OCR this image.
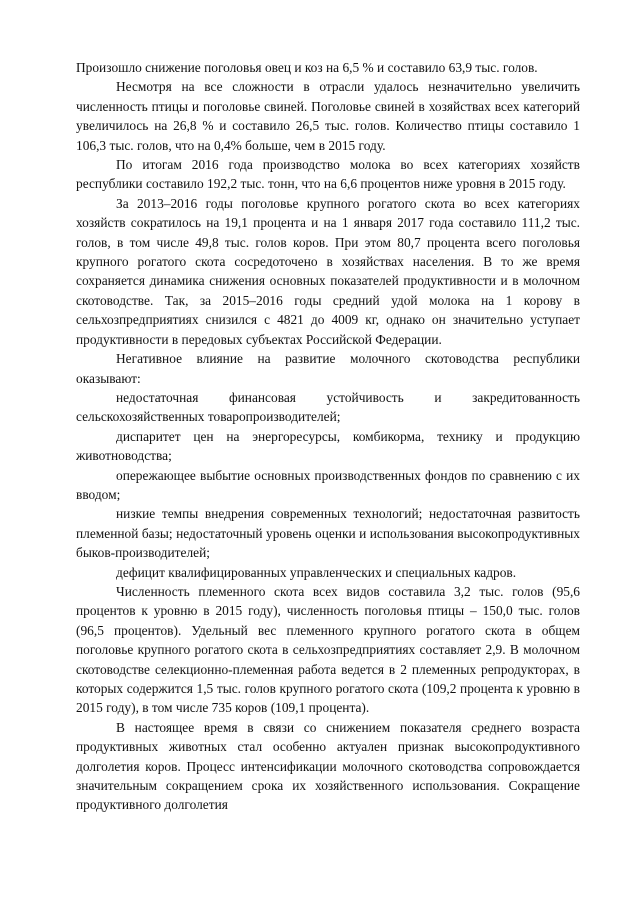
Произошло снижение поголовья овец и коз на 6,5 % и составило 63,9 тыс. голов.

Несмотря на все сложности в отрасли удалось незначительно увеличить численность птицы и поголовье свиней. Поголовье свиней в хозяйствах всех категорий увеличилось на 26,8 % и составило 26,5 тыс. голов. Количество птицы составило 1 106,3 тыс. голов, что на 0,4% больше, чем в 2015 году.

По итогам 2016 года производство молока во всех категориях хозяйств республики составило 192,2 тыс. тонн, что на 6,6 процентов ниже уровня в 2015 году.

За 2013–2016 годы поголовье крупного рогатого скота во всех категориях хозяйств сократилось на 19,1 процента и на 1 января 2017 года составило 111,2 тыс. голов, в том числе 49,8 тыс. голов коров. При этом 80,7 процента всего поголовья крупного рогатого скота сосредоточено в хозяйствах населения. В то же время сохраняется динамика снижения основных показателей продуктивности и в молочном скотоводстве. Так, за 2015–2016 годы средний удой молока на 1 корову в сельхозпредприятиях снизился с 4821 до 4009 кг, однако он значительно уступает продуктивности в передовых субъектах Российской Федерации.

Негативное влияние на развитие молочного скотоводства республики оказывают:

недостаточная финансовая устойчивость и закредитованность сельскохозяйственных товаропроизводителей;

диспаритет цен на энергоресурсы, комбикорма, технику и продукцию животноводства;

опережающее выбытие основных производственных фондов по сравнению с их вводом;

низкие темпы внедрения современных технологий; недостаточная развитость племенной базы; недостаточный уровень оценки и использования высокопродуктивных быков-производителей;

дефицит квалифицированных управленческих и специальных кадров.

Численность племенного скота всех видов составила 3,2 тыс. голов (95,6 процентов к уровню в 2015 году), численность поголовья птицы – 150,0 тыс. голов (96,5 процентов). Удельный вес племенного крупного рогатого скота в общем поголовье крупного рогатого скота в сельхозпредприятиях составляет 2,9. В молочном скотоводстве селекционно-племенная работа ведется в 2 племенных репродукторах, в которых содержится 1,5 тыс. голов крупного рогатого скота (109,2 процента к уровню в 2015 году), в том числе 735 коров (109,1 процента).

В настоящее время в связи со снижением показателя среднего возраста продуктивных животных стал особенно актуален признак высокопродуктивного долголетия коров. Процесс интенсификации молочного скотоводства сопровождается значительным сокращением срока их хозяйственного использования. Сокращение продуктивного долголетия
